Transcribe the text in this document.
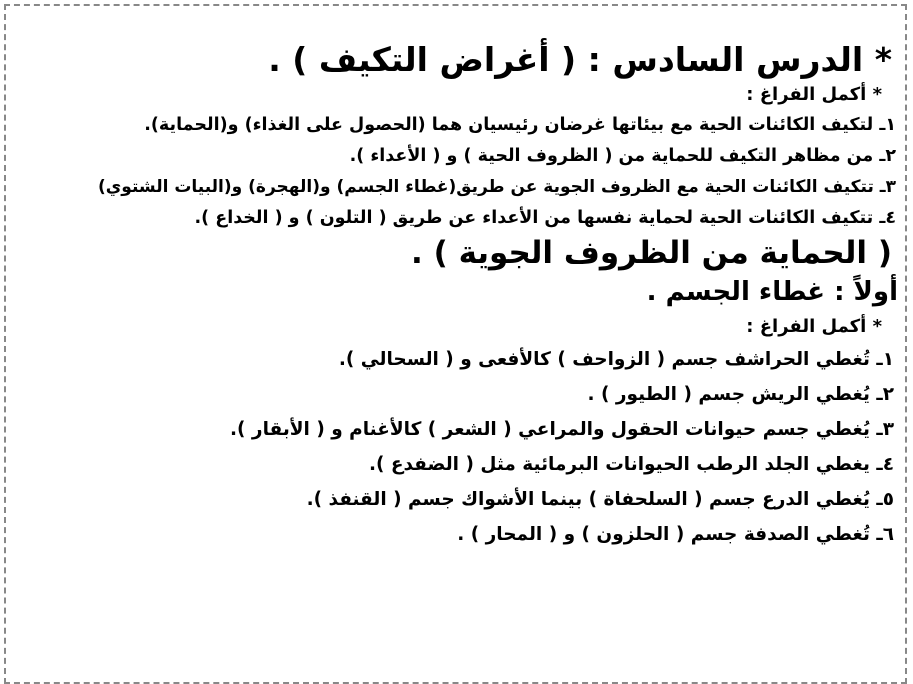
* الدرس السادس : ( أغراض التكيف ) .
* أكمل الفراغ :
١ـ لتكيف الكائنات الحية مع بيئاتها غرضان رئيسيان هما (الحصول على الغذاء) و(الحماية).
٢ـ من مظاهر التكيف للحماية من ( الظروف الحية ) و ( الأعداء ).
٣ـ تتكيف الكائنات الحية مع الظروف الجوية عن طريق(غطاء الجسم) و(الهجرة) و(البيات الشتوي)
٤ـ تتكيف الكائنات الحية لحماية نفسها من الأعداء عن طريق ( التلون ) و ( الخداع ).
( الحماية من الظروف الجوية ) .
أولاً : غطاء الجسم .
* أكمل الفراغ :
١ـ تُغطي الحراشف جسم ( الزواحف ) كالأفعى و ( السحالي ).
٢ـ يُغطي الريش جسم ( الطيور ) .
٣ـ يُغطي جسم حيوانات الحقول والمراعي ( الشعر ) كالأغنام و ( الأبقار ).
٤ـ يغطي الجلد الرطب الحيوانات البرمائية مثل ( الضفدع ).
٥ـ يُغطي الدرع جسم ( السلحفاة ) بينما الأشواك جسم ( القنفذ ).
٦ـ تُغطي الصدفة جسم ( الحلزون ) و ( المحار ) .
